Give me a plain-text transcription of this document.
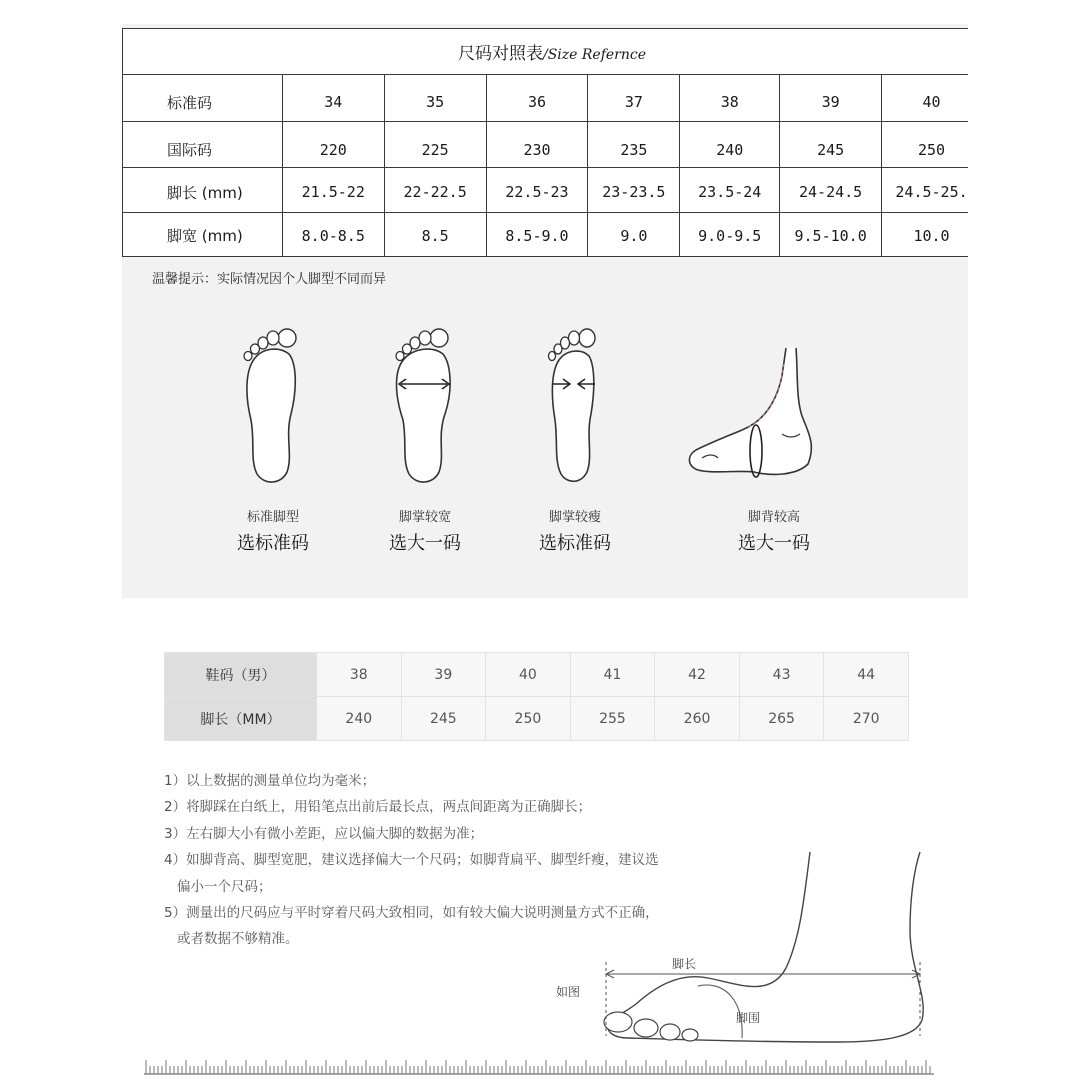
尺码对照表/Size Refernce							
标准码	34	35	36	37	38	39	40
国际码	220	225	230	235	240	245	250
脚长 (mm)	21.5-22	22-22.5	22.5-23	23-23.5	23.5-24	24-24.5	24.5-25.
脚宽 (mm)	8.0-8.5	8.5	8.5-9.0	9.0	9.0-9.5	9.5-10.0	10.0
温馨提示：实际情况因个人脚型不同而异
标准脚型
选标准码
脚掌较宽
选大一码
脚掌较瘦
选标准码
脚背较高
选大一码
鞋码（男）	38	39	40	41	42	43	44
脚长（MM）	240	245	250	255	260	265	270
1）以上数据的测量单位均为毫米；
2）将脚踩在白纸上，用铅笔点出前后最长点，两点间距离为正确脚长；
3）左右脚大小有微小差距，应以偏大脚的数据为准；
4）如脚背高、脚型宽肥，建议选择偏大一个尺码；如脚背扁平、脚型纤瘦，建议选
偏小一个尺码；
5）测量出的尺码应与平时穿着尺码大致相同，如有较大偏大说明测量方式不正确，
或者数据不够精准。
脚长
如图
脚围
